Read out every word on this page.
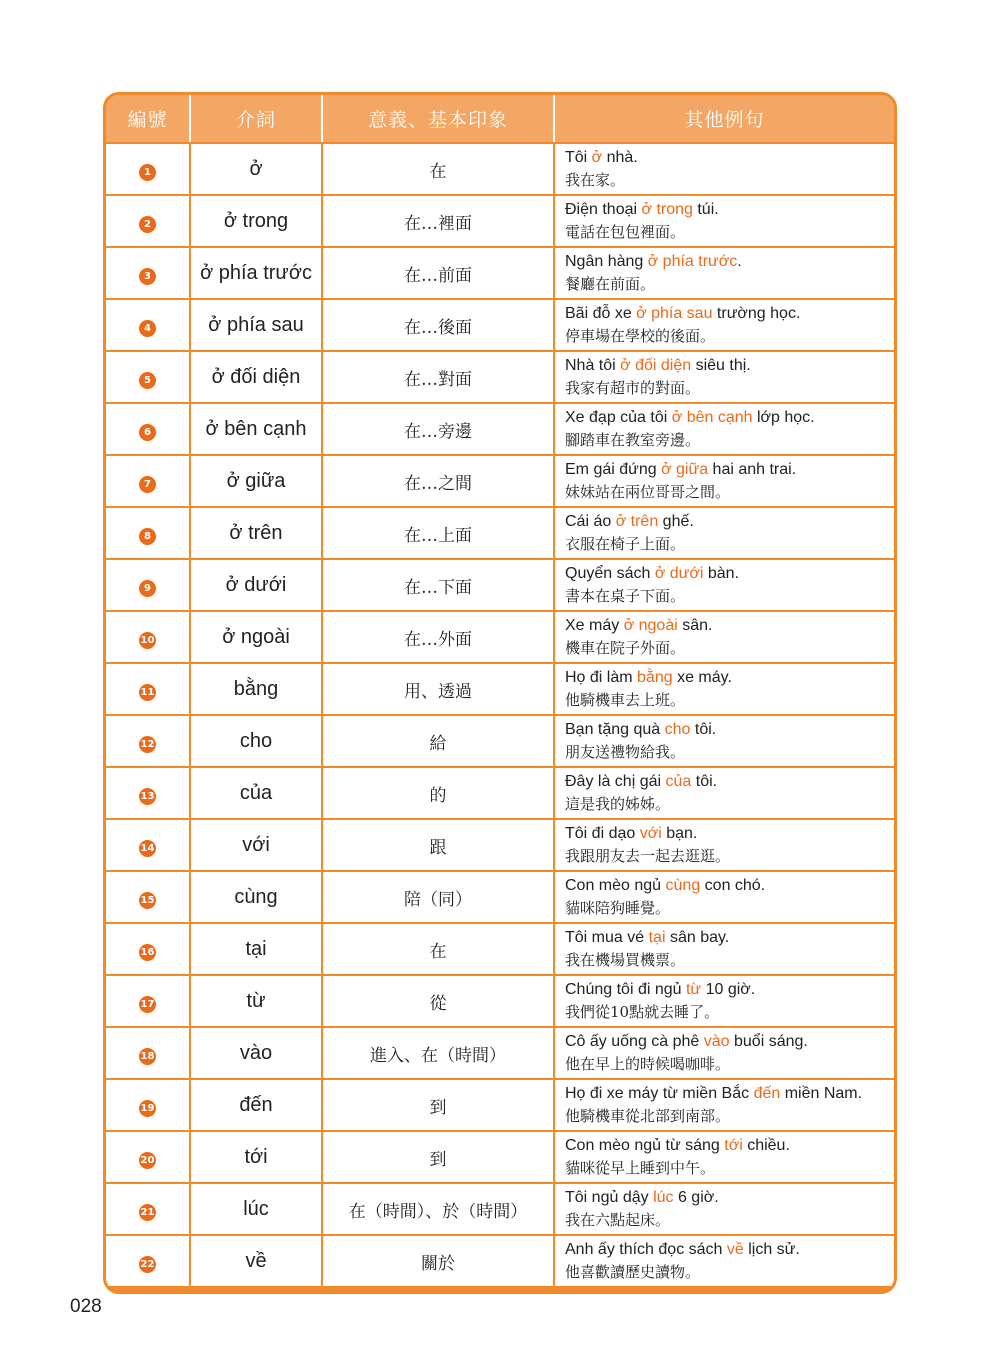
編號	介詞	意義、基本印象	其他例句
1	ở	在	Tôi ở nhà.
我在家。

2	ở trong	在…裡面	Điện thoại ở trong túi.
電話在包包裡面。

3	ở phía trước	在…前面	Ngân hàng ở phía trước.
餐廳在前面。

4	ở phía sau	在…後面	Bãi đỗ xe ở phía sau trường học.
停車場在學校的後面。

5	ở đối diện	在…對面	Nhà tôi ở đối diện siêu thị.
我家有超市的對面。

6	ở bên cạnh	在…旁邊	Xe đạp của tôi ở bên cạnh lớp học.
腳踏車在教室旁邊。

7	ở giữa	在…之間	Em gái đứng ở giữa hai anh trai.
妹妹站在兩位哥哥之間。

8	ở trên	在…上面	Cái áo ở trên ghế.
衣服在椅子上面。

9	ở dưới	在…下面	Quyển sách ở dưới bàn.
書本在桌子下面。

10	ở ngoài	在…外面	Xe máy ở ngoài sân.
機車在院子外面。

11	bằng	用、透過	Họ đi làm bằng xe máy.
他騎機車去上班。

12	cho	給	Bạn tặng quà cho tôi.
朋友送禮物給我。

13	của	的	Đây là chị gái của tôi.
這是我的姊姊。

14	với	跟	Tôi đi dạo với bạn.
我跟朋友去一起去逛逛。

15	cùng	陪（同）	Con mèo ngủ cùng con chó.
貓咪陪狗睡覺。

16	tại	在	Tôi mua vé tại sân bay.
我在機場買機票。

17	từ	從	Chúng tôi đi ngủ từ 10 giờ.
我們從10點就去睡了。

18	vào	進入、在（時間）	Cô ấy uống cà phê vào buổi sáng.
他在早上的時候喝咖啡。

19	đến	到	Họ đi xe máy từ miền Bắc đến miền Nam.
他騎機車從北部到南部。

20	tới	到	Con mèo ngủ từ sáng tới chiều.
貓咪從早上睡到中午。

21	lúc	在（時間）、於（時間）	Tôi ngủ dậy lúc 6 giờ.
我在六點起床。

22	về	關於	Anh ấy thích đọc sách về lịch sử.
他喜歡讀歷史讀物。
028
